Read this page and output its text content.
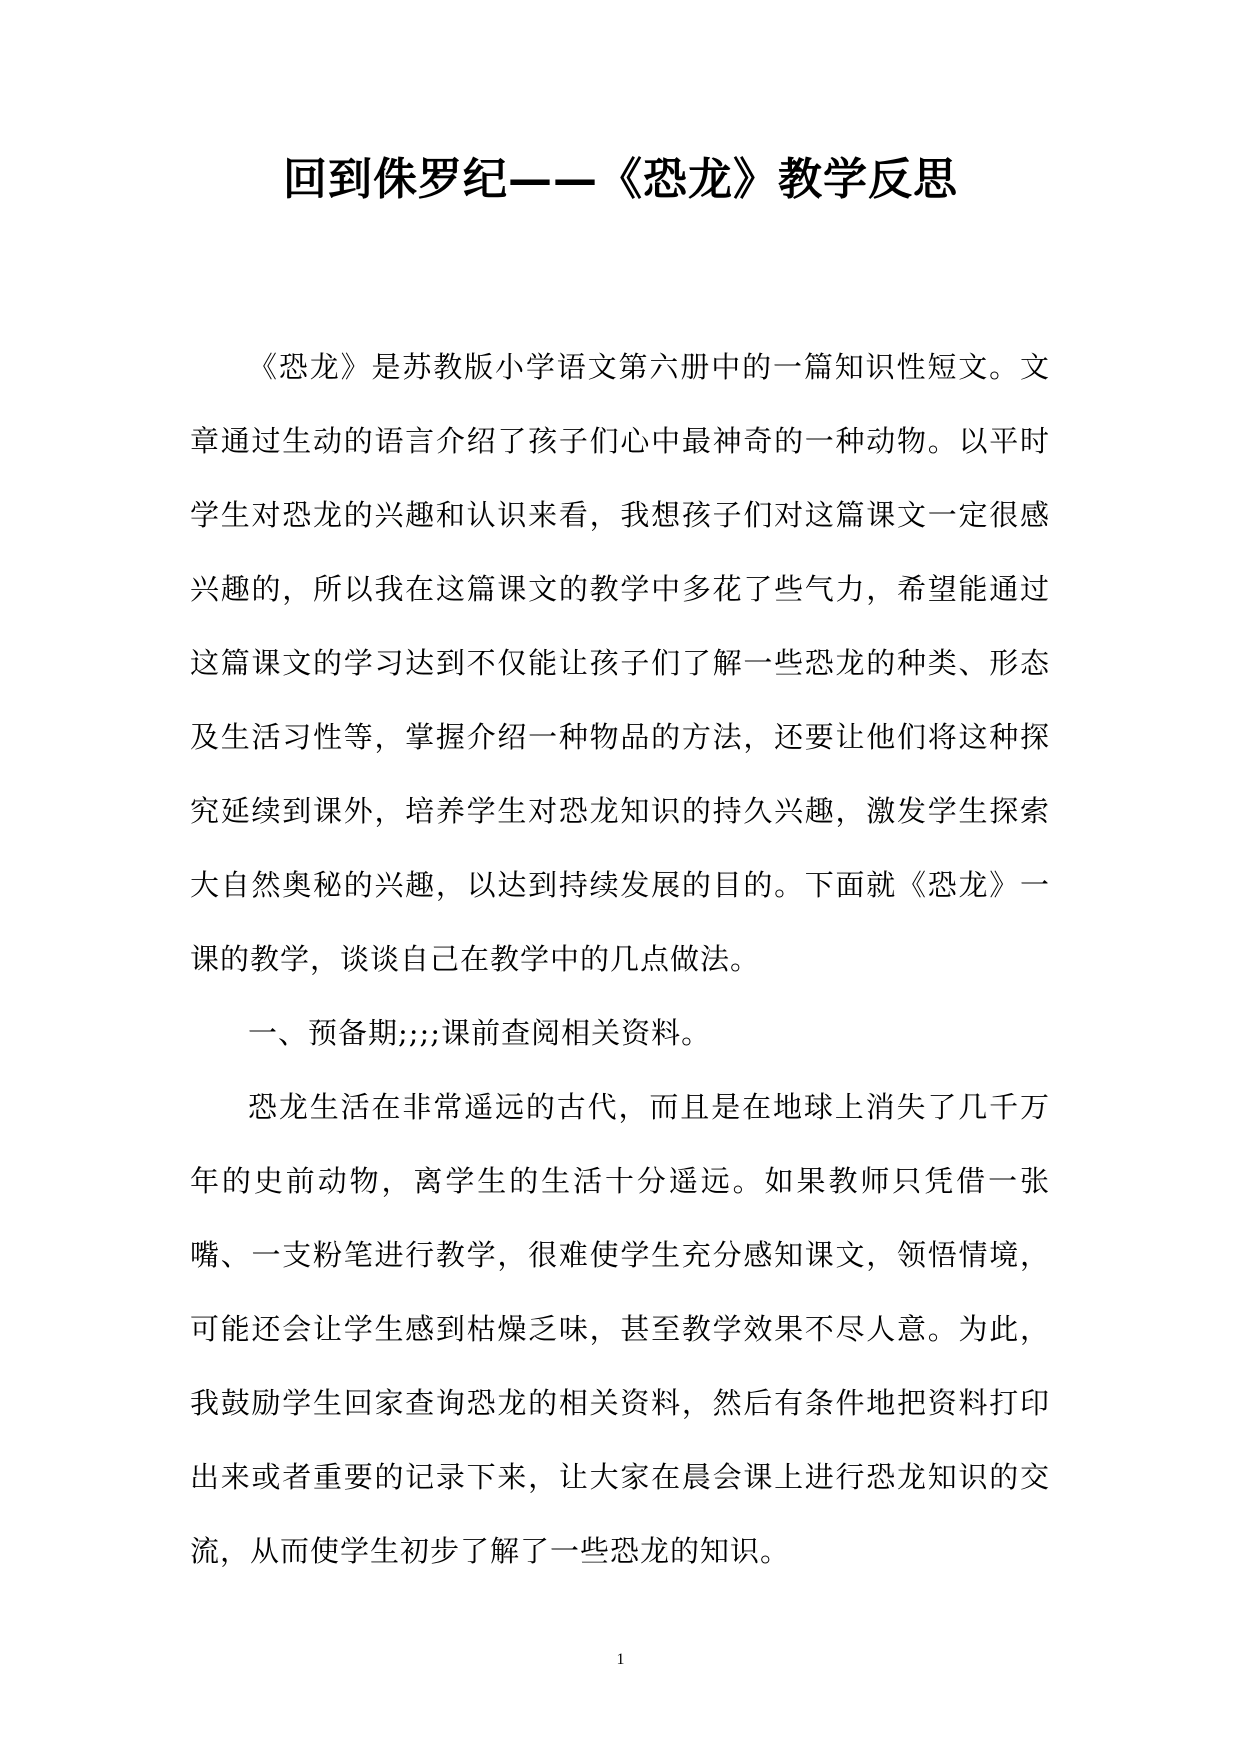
回到侏罗纪——《恐龙》教学反思

《恐龙》是苏教版小学语文第六册中的一篇知识性短文。文章通过生动的语言介绍了孩子们心中最神奇的一种动物。以平时学生对恐龙的兴趣和认识来看，我想孩子们对这篇课文一定很感兴趣的，所以我在这篇课文的教学中多花了些气力，希望能通过这篇课文的学习达到不仅能让孩子们了解一些恐龙的种类、形态及生活习性等，掌握介绍一种物品的方法，还要让他们将这种探究延续到课外，培养学生对恐龙知识的持久兴趣，激发学生探索大自然奥秘的兴趣，以达到持续发展的目的。下面就《恐龙》一课的教学，谈谈自己在教学中的几点做法。

一、预备期;;;;课前查阅相关资料。

恐龙生活在非常遥远的古代，而且是在地球上消失了几千万年的史前动物，离学生的生活十分遥远。如果教师只凭借一张嘴、一支粉笔进行教学，很难使学生充分感知课文，领悟情境，可能还会让学生感到枯燥乏味，甚至教学效果不尽人意。为此，我鼓励学生回家查询恐龙的相关资料，然后有条件地把资料打印出来或者重要的记录下来，让大家在晨会课上进行恐龙知识的交流，从而使学生初步了解了一些恐龙的知识。

1
